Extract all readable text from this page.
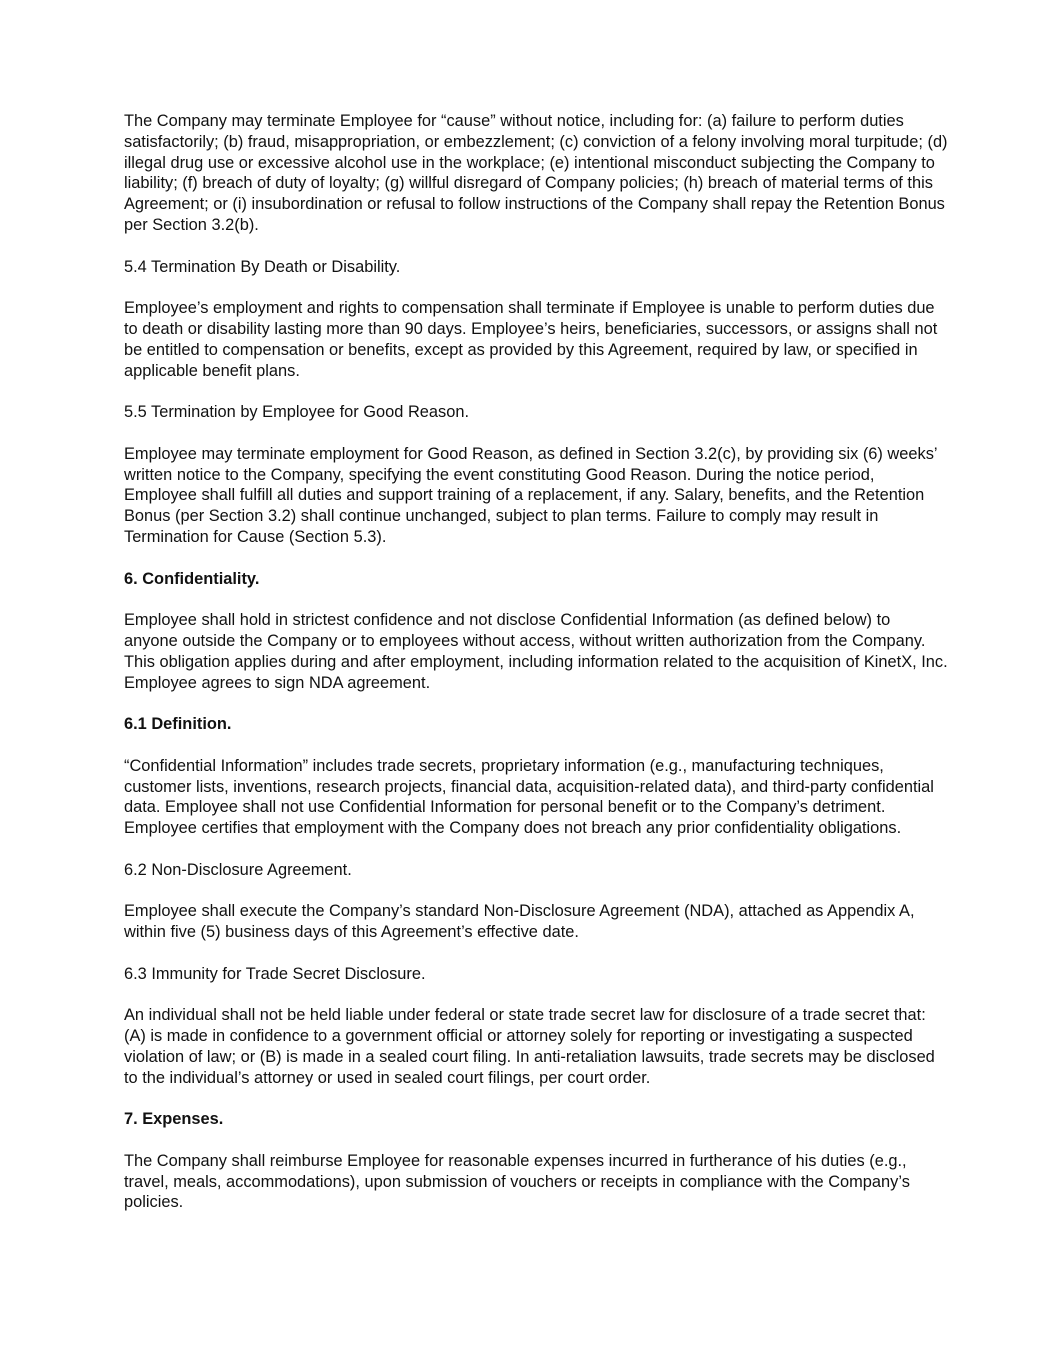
The Company may terminate Employee for “cause” without notice, including for: (a) failure to perform duties satisfactorily; (b) fraud, misappropriation, or embezzlement; (c) conviction of a felony involving moral turpitude; (d) illegal drug use or excessive alcohol use in the workplace; (e) intentional misconduct subjecting the Company to liability; (f) breach of duty of loyalty; (g) willful disregard of Company policies; (h) breach of material terms of this Agreement; or (i) insubordination or refusal to follow instructions of the Company shall repay the Retention Bonus per Section 3.2(b).
5.4 Termination By Death or Disability.
Employee’s employment and rights to compensation shall terminate if Employee is unable to perform duties due to death or disability lasting more than 90 days. Employee’s heirs, beneficiaries, successors, or assigns shall not be entitled to compensation or benefits, except as provided by this Agreement, required by law, or specified in applicable benefit plans.
5.5 Termination by Employee for Good Reason.
Employee may terminate employment for Good Reason, as defined in Section 3.2(c), by providing six (6) weeks’ written notice to the Company, specifying the event constituting Good Reason. During the notice period, Employee shall fulfill all duties and support training of a replacement, if any. Salary, benefits, and the Retention Bonus (per Section 3.2) shall continue unchanged, subject to plan terms. Failure to comply may result in Termination for Cause (Section 5.3).
6. Confidentiality.
Employee shall hold in strictest confidence and not disclose Confidential Information (as defined below) to anyone outside the Company or to employees without access, without written authorization from the Company. This obligation applies during and after employment, including information related to the acquisition of KinetX, Inc. Employee agrees to sign NDA agreement.
6.1 Definition.
“Confidential Information” includes trade secrets, proprietary information (e.g., manufacturing techniques, customer lists, inventions, research projects, financial data, acquisition-related data), and third-party confidential data. Employee shall not use Confidential Information for personal benefit or to the Company’s detriment. Employee certifies that employment with the Company does not breach any prior confidentiality obligations.
6.2 Non-Disclosure Agreement.
Employee shall execute the Company’s standard Non-Disclosure Agreement (NDA), attached as Appendix A, within five (5) business days of this Agreement’s effective date.
6.3 Immunity for Trade Secret Disclosure.
An individual shall not be held liable under federal or state trade secret law for disclosure of a trade secret that: (A) is made in confidence to a government official or attorney solely for reporting or investigating a suspected violation of law; or (B) is made in a sealed court filing. In anti-retaliation lawsuits, trade secrets may be disclosed to the individual’s attorney or used in sealed court filings, per court order.
7. Expenses.
The Company shall reimburse Employee for reasonable expenses incurred in furtherance of his duties (e.g., travel, meals, accommodations), upon submission of vouchers or receipts in compliance with the Company’s policies.
